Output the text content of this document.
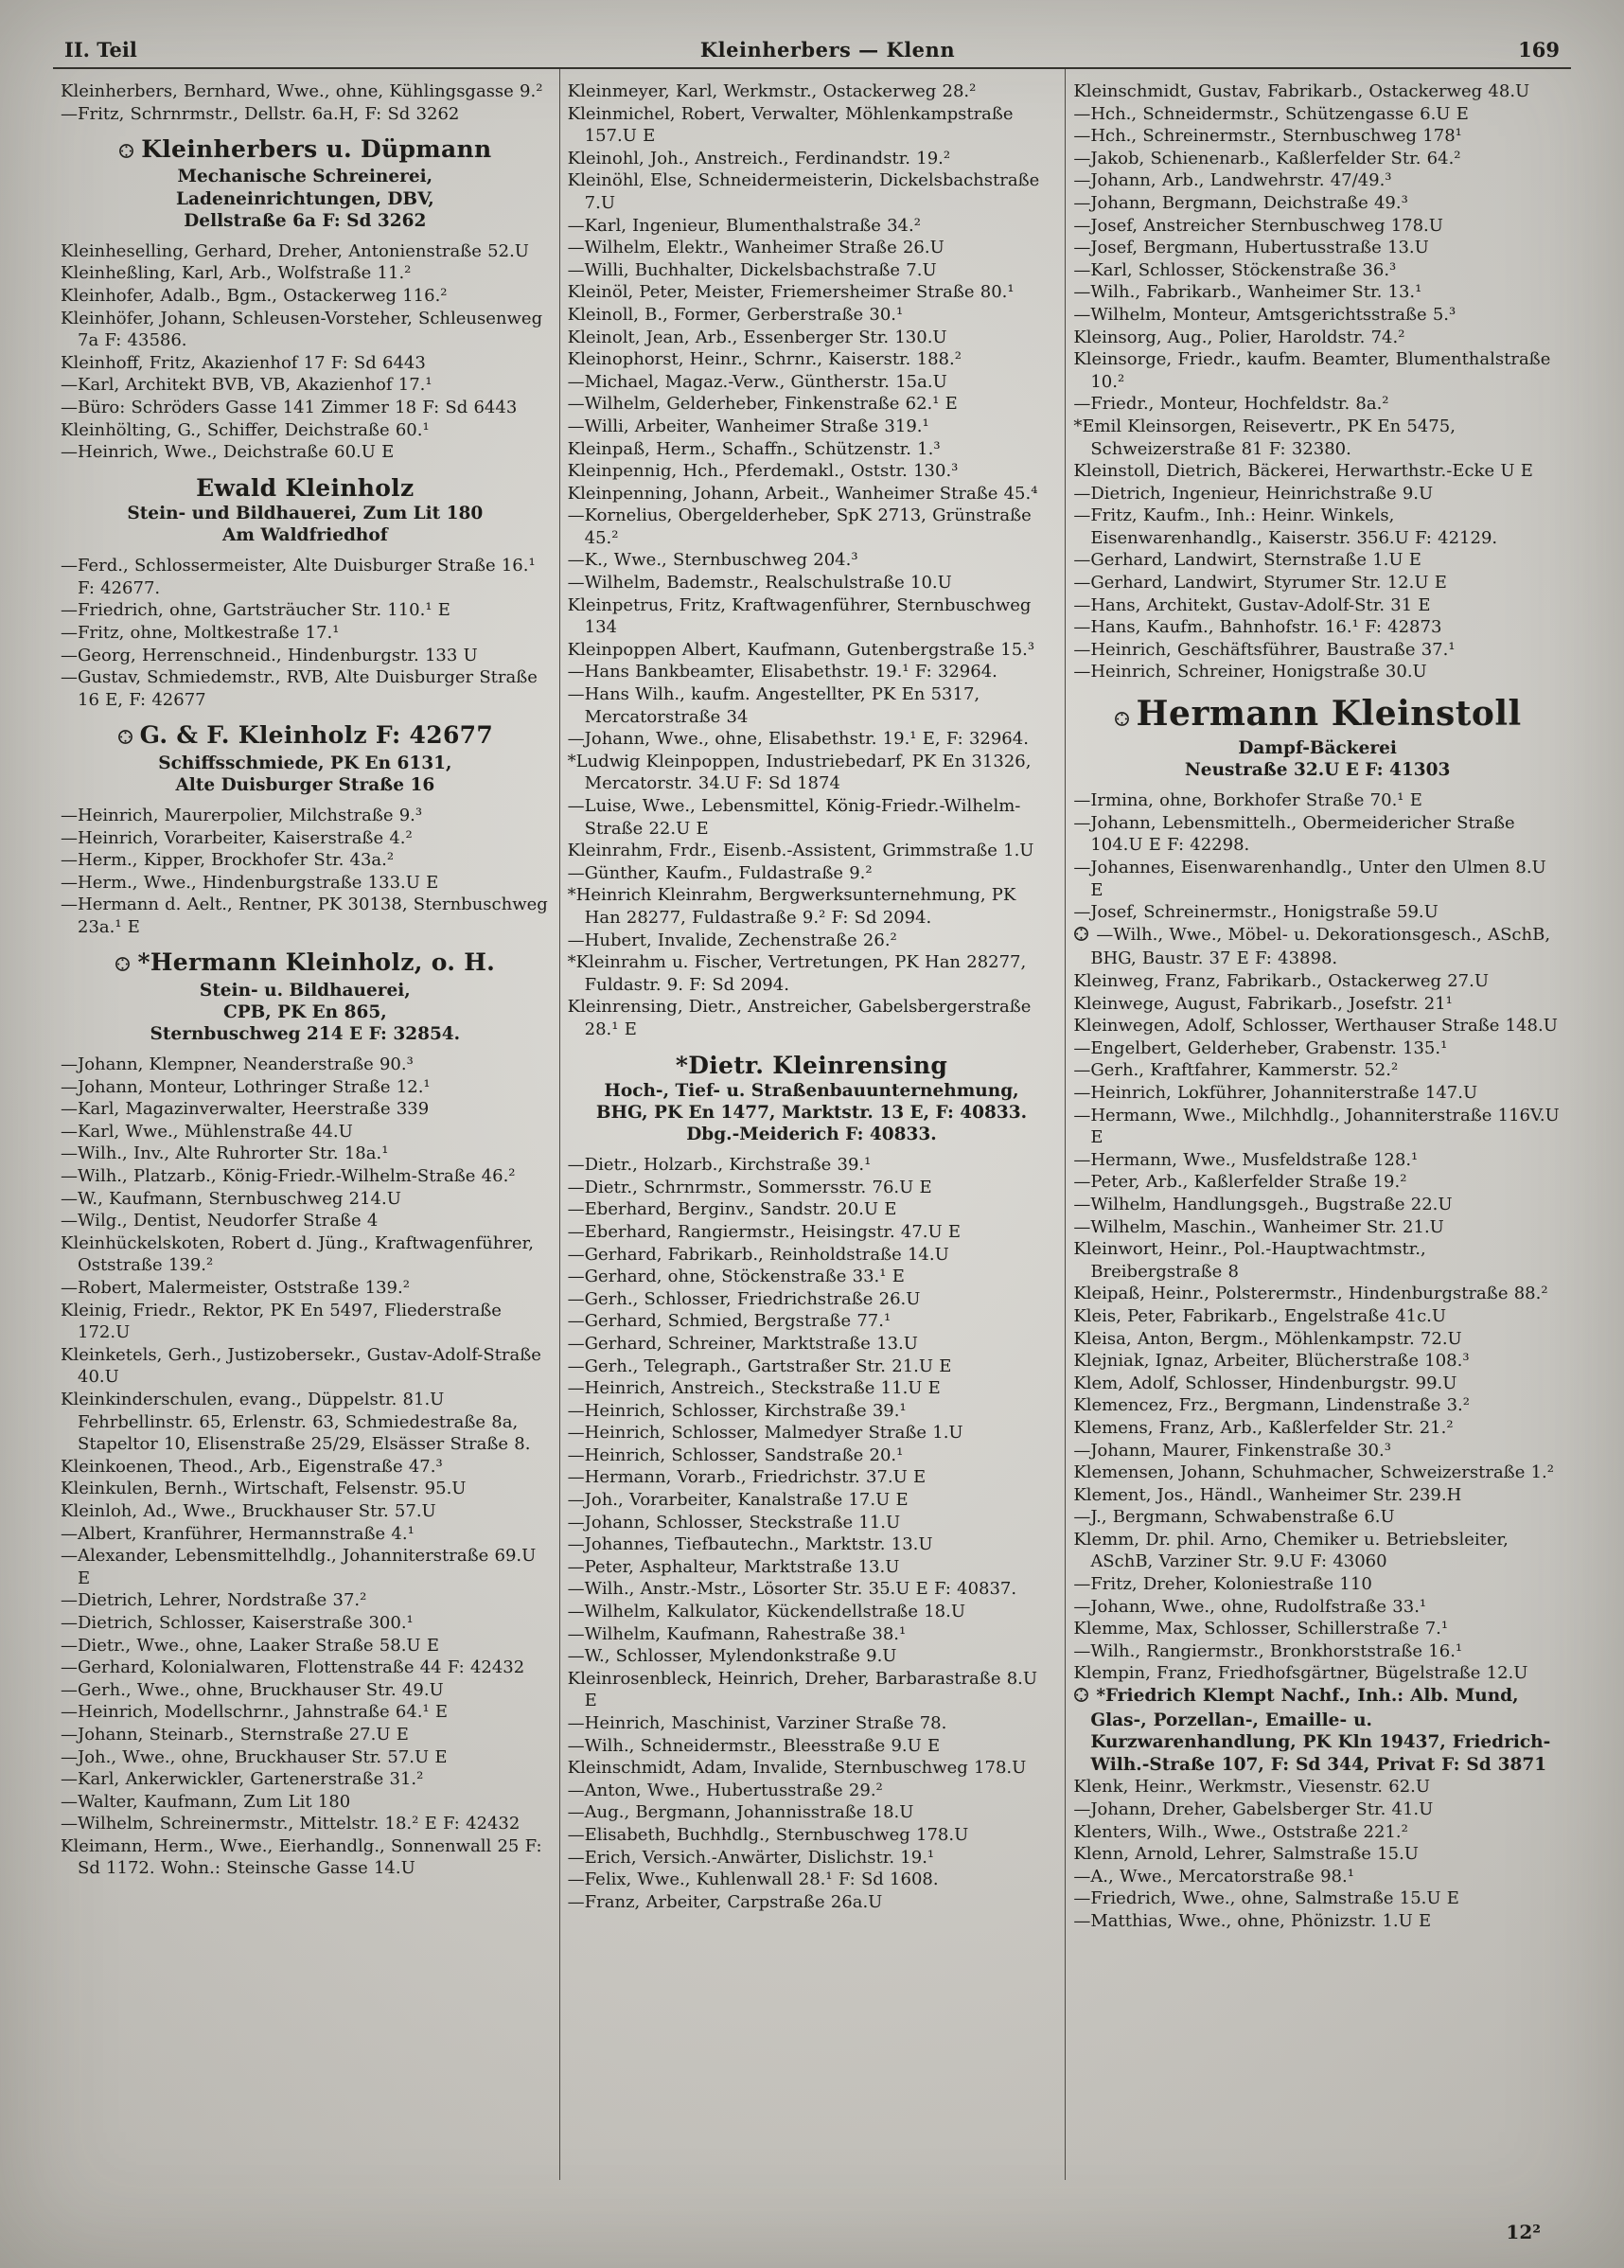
II. Teil	Kleinherbers — Klenn	169

Kleinherbers, Bernhard, Wwe., ohne, Kühlingsgasse 9.²

—Fritz, Schrnrmstr., Dellstr. 6a.H, F: Sd 3262

Kleinherbers u. Düpmann
Mechanische Schreinerei,
Ladeneinrichtungen, DBV,
Dellstraße 6a F: Sd 3262

Kleinheselling, Gerhard, Dreher, Antonienstraße 52.U

Kleinheßling, Karl, Arb., Wolfstraße 11.²

Kleinhofer, Adalb., Bgm., Ostackerweg 116.²

Kleinhöfer, Johann, Schleusen-Vorsteher, Schleusenweg 7a F: 43586.

Kleinhoff, Fritz, Akazienhof 17 F: Sd 6443

—Karl, Architekt BVB, VB, Akazienhof 17.¹

—Büro: Schröders Gasse 141 Zimmer 18 F: Sd 6443

Kleinhölting, G., Schiffer, Deichstraße 60.¹

—Heinrich, Wwe., Deichstraße 60.U E

Ewald Kleinholz
Stein- und Bildhauerei, Zum Lit 180
Am Waldfriedhof

—Ferd., Schlossermeister, Alte Duisburger Straße 16.¹ F: 42677.

—Friedrich, ohne, Gartsträucher Str. 110.¹ E

—Fritz, ohne, Moltkestraße 17.¹

—Georg, Herrenschneid., Hindenburgstr. 133 U

—Gustav, Schmiedemstr., RVB, Alte Duisburger Straße 16 E, F: 42677

G. & F. Kleinholz F: 42677
Schiffsschmiede, PK En 6131,
Alte Duisburger Straße 16

—Heinrich, Maurerpolier, Milchstraße 9.³

—Heinrich, Vorarbeiter, Kaiserstraße 4.²

—Herm., Kipper, Brockhofer Str. 43a.²

—Herm., Wwe., Hindenburgstraße 133.U E

—Hermann d. Aelt., Rentner, PK 30138, Sternbuschweg 23a.¹ E

*Hermann Kleinholz, o. H.
Stein- u. Bildhauerei,
CPB, PK En 865,
Sternbuschweg 214 E F: 32854.

—Johann, Klempner, Neanderstraße 90.³

—Johann, Monteur, Lothringer Straße 12.¹

—Karl, Magazinverwalter, Heerstraße 339

—Karl, Wwe., Mühlenstraße 44.U

—Wilh., Inv., Alte Ruhrorter Str. 18a.¹

—Wilh., Platzarb., König-Friedr.-Wilhelm-Straße 46.²

—W., Kaufmann, Sternbuschweg 214.U

—Wilg., Dentist, Neudorfer Straße 4

Kleinhückelskoten, Robert d. Jüng., Kraftwagenführer, Oststraße 139.²

—Robert, Malermeister, Oststraße 139.²

Kleinig, Friedr., Rektor, PK En 5497, Fliederstraße 172.U

Kleinketels, Gerh., Justizobersekr., Gustav-Adolf-Straße 40.U

Kleinkinderschulen, evang., Düppelstr. 81.U Fehrbellinstr. 65, Erlenstr. 63, Schmiedestraße 8a, Stapeltor 10, Elisenstraße 25/29, Elsässer Straße 8.

Kleinkoenen, Theod., Arb., Eigenstraße 47.³

Kleinkulen, Bernh., Wirtschaft, Felsenstr. 95.U

Kleinloh, Ad., Wwe., Bruckhauser Str. 57.U

—Albert, Kranführer, Hermannstraße 4.¹

—Alexander, Lebensmittelhdlg., Johanniterstraße 69.U E

—Dietrich, Lehrer, Nordstraße 37.²

—Dietrich, Schlosser, Kaiserstraße 300.¹

—Dietr., Wwe., ohne, Laaker Straße 58.U E

—Gerhard, Kolonialwaren, Flottenstraße 44 F: 42432

—Gerh., Wwe., ohne, Bruckhauser Str. 49.U

—Heinrich, Modellschrnr., Jahnstraße 64.¹ E

—Johann, Steinarb., Sternstraße 27.U E

—Joh., Wwe., ohne, Bruckhauser Str. 57.U E

—Karl, Ankerwickler, Gartenerstraße 31.²

—Walter, Kaufmann, Zum Lit 180

—Wilhelm, Schreinermstr., Mittelstr. 18.² E F: 42432

Kleimann, Herm., Wwe., Eierhandlg., Sonnenwall 25 F: Sd 1172. Wohn.: Steinsche Gasse 14.U

Kleinmeyer, Karl, Werkmstr., Ostackerweg 28.²

Kleinmichel, Robert, Verwalter, Möhlenkampstraße 157.U E

Kleinohl, Joh., Anstreich., Ferdinandstr. 19.²

Kleinöhl, Else, Schneidermeisterin, Dickelsbachstraße 7.U

—Karl, Ingenieur, Blumenthalstraße 34.²

—Wilhelm, Elektr., Wanheimer Straße 26.U

—Willi, Buchhalter, Dickelsbachstraße 7.U

Kleinöl, Peter, Meister, Friemersheimer Straße 80.¹

Kleinoll, B., Former, Gerberstraße 30.¹

Kleinolt, Jean, Arb., Essenberger Str. 130.U

Kleinophorst, Heinr., Schrnr., Kaiserstr. 188.²

—Michael, Magaz.-Verw., Güntherstr. 15a.U

—Wilhelm, Gelderheber, Finkenstraße 62.¹ E

—Willi, Arbeiter, Wanheimer Straße 319.¹

Kleinpaß, Herm., Schaffn., Schützenstr. 1.³

Kleinpennig, Hch., Pferdemakl., Oststr. 130.³

Kleinpenning, Johann, Arbeit., Wanheimer Straße 45.⁴

—Kornelius, Obergelderheber, SpK 2713, Grünstraße 45.²

—K., Wwe., Sternbuschweg 204.³

—Wilhelm, Bademstr., Realschulstraße 10.U

Kleinpetrus, Fritz, Kraftwagenführer, Sternbuschweg 134

Kleinpoppen Albert, Kaufmann, Gutenbergstraße 15.³

—Hans Bankbeamter, Elisabethstr. 19.¹ F: 32964.

—Hans Wilh., kaufm. Angestellter, PK En 5317, Mercatorstraße 34

—Johann, Wwe., ohne, Elisabethstr. 19.¹ E, F: 32964.

*Ludwig Kleinpoppen, Industriebedarf, PK En 31326, Mercatorstr. 34.U F: Sd 1874

—Luise, Wwe., Lebensmittel, König-Friedr.-Wilhelm-Straße 22.U E

Kleinrahm, Frdr., Eisenb.-Assistent, Grimmstraße 1.U

—Günther, Kaufm., Fuldastraße 9.²

*Heinrich Kleinrahm, Bergwerksunternehmung, PK Han 28277, Fuldastraße 9.² F: Sd 2094.

—Hubert, Invalide, Zechenstraße 26.²

*Kleinrahm u. Fischer, Vertretungen, PK Han 28277, Fuldastr. 9. F: Sd 2094.

Kleinrensing, Dietr., Anstreicher, Gabelsbergerstraße 28.¹ E

*Dietr. Kleinrensing
Hoch-, Tief- u. Straßenbauunternehmung,
BHG, PK En 1477, Marktstr. 13 E, F: 40833.
Dbg.-Meiderich F: 40833.

—Dietr., Holzarb., Kirchstraße 39.¹

—Dietr., Schrnrmstr., Sommersstr. 76.U E

—Eberhard, Berginv., Sandstr. 20.U E

—Eberhard, Rangiermstr., Heisingstr. 47.U E

—Gerhard, Fabrikarb., Reinholdstraße 14.U

—Gerhard, ohne, Stöckenstraße 33.¹ E

—Gerh., Schlosser, Friedrichstraße 26.U

—Gerhard, Schmied, Bergstraße 77.¹

—Gerhard, Schreiner, Marktstraße 13.U

—Gerh., Telegraph., Gartstraßer Str. 21.U E

—Heinrich, Anstreich., Steckstraße 11.U E

—Heinrich, Schlosser, Kirchstraße 39.¹

—Heinrich, Schlosser, Malmedyer Straße 1.U

—Heinrich, Schlosser, Sandstraße 20.¹

—Hermann, Vorarb., Friedrichstr. 37.U E

—Joh., Vorarbeiter, Kanalstraße 17.U E

—Johann, Schlosser, Steckstraße 11.U

—Johannes, Tiefbautechn., Marktstr. 13.U

—Peter, Asphalteur, Marktstraße 13.U

—Wilh., Anstr.-Mstr., Lösorter Str. 35.U E F: 40837.

—Wilhelm, Kalkulator, Kückendellstraße 18.U

—Wilhelm, Kaufmann, Rahestraße 38.¹

—W., Schlosser, Mylendonkstraße 9.U

Kleinrosenbleck, Heinrich, Dreher, Barbarastraße 8.U E

—Heinrich, Maschinist, Varziner Straße 78.

—Wilh., Schneidermstr., Bleesstraße 9.U E

Kleinschmidt, Adam, Invalide, Sternbuschweg 178.U

—Anton, Wwe., Hubertusstraße 29.²

—Aug., Bergmann, Johannisstraße 18.U

—Elisabeth, Buchhdlg., Sternbuschweg 178.U

—Erich, Versich.-Anwärter, Dislichstr. 19.¹

—Felix, Wwe., Kuhlenwall 28.¹ F: Sd 1608.

—Franz, Arbeiter, Carpstraße 26a.U

Kleinschmidt, Gustav, Fabrikarb., Ostackerweg 48.U

—Hch., Schneidermstr., Schützengasse 6.U E

—Hch., Schreinermstr., Sternbuschweg 178¹

—Jakob, Schienenarb., Kaßlerfelder Str. 64.²

—Johann, Arb., Landwehrstr. 47/49.³

—Johann, Bergmann, Deichstraße 49.³

—Josef, Anstreicher Sternbuschweg 178.U

—Josef, Bergmann, Hubertusstraße 13.U

—Karl, Schlosser, Stöckenstraße 36.³

—Wilh., Fabrikarb., Wanheimer Str. 13.¹

—Wilhelm, Monteur, Amtsgerichtsstraße 5.³

Kleinsorg, Aug., Polier, Haroldstr. 74.²

Kleinsorge, Friedr., kaufm. Beamter, Blumenthalstraße 10.²

—Friedr., Monteur, Hochfeldstr. 8a.²

*Emil Kleinsorgen, Reisevertr., PK En 5475, Schweizerstraße 81 F: 32380.

Kleinstoll, Dietrich, Bäckerei, Herwarthstr.-Ecke U E

—Dietrich, Ingenieur, Heinrichstraße 9.U

—Fritz, Kaufm., Inh.: Heinr. Winkels, Eisenwarenhandlg., Kaiserstr. 356.U F: 42129.

—Gerhard, Landwirt, Sternstraße 1.U E

—Gerhard, Landwirt, Styrumer Str. 12.U E

—Hans, Architekt, Gustav-Adolf-Str. 31 E

—Hans, Kaufm., Bahnhofstr. 16.¹ F: 42873

—Heinrich, Geschäftsführer, Baustraße 37.¹

—Heinrich, Schreiner, Honigstraße 30.U

Hermann Kleinstoll
Dampf-Bäckerei
Neustraße 32.U E F: 41303

—Irmina, ohne, Borkhofer Straße 70.¹ E

—Johann, Lebensmittelh., Obermeidericher Straße 104.U E F: 42298.

—Johannes, Eisenwarenhandlg., Unter den Ulmen 8.U E

—Josef, Schreinermstr., Honigstraße 59.U

—Wilh., Wwe., Möbel- u. Dekorationsgesch., ASchB, BHG, Baustr. 37 E F: 43898.

Kleinweg, Franz, Fabrikarb., Ostackerweg 27.U

Kleinwege, August, Fabrikarb., Josefstr. 21¹

Kleinwegen, Adolf, Schlosser, Werthauser Straße 148.U

—Engelbert, Gelderheber, Grabenstr. 135.¹

—Gerh., Kraftfahrer, Kammerstr. 52.²

—Heinrich, Lokführer, Johanniterstraße 147.U

—Hermann, Wwe., Milchhdlg., Johanniterstraße 116V.U E

—Hermann, Wwe., Musfeldstraße 128.¹

—Peter, Arb., Kaßlerfelder Straße 19.²

—Wilhelm, Handlungsgeh., Bugstraße 22.U

—Wilhelm, Maschin., Wanheimer Str. 21.U

Kleinwort, Heinr., Pol.-Hauptwachtmstr., Breibergstraße 8

Kleipaß, Heinr., Polsterermstr., Hindenburgstraße 88.²

Kleis, Peter, Fabrikarb., Engelstraße 41c.U

Kleisa, Anton, Bergm., Möhlenkampstr. 72.U

Klejniak, Ignaz, Arbeiter, Blücherstraße 108.³

Klem, Adolf, Schlosser, Hindenburgstr. 99.U

Klemencez, Frz., Bergmann, Lindenstraße 3.²

Klemens, Franz, Arb., Kaßlerfelder Str. 21.²

—Johann, Maurer, Finkenstraße 30.³

Klemensen, Johann, Schuhmacher, Schweizerstraße 1.²

Klement, Jos., Händl., Wanheimer Str. 239.H

—J., Bergmann, Schwabenstraße 6.U

Klemm, Dr. phil. Arno, Chemiker u. Betriebsleiter, ASchB, Varziner Str. 9.U F: 43060

—Fritz, Dreher, Koloniestraße 110

—Johann, Wwe., ohne, Rudolfstraße 33.¹

Klemme, Max, Schlosser, Schillerstraße 7.¹

—Wilh., Rangiermstr., Bronkhorststraße 16.¹

Klempin, Franz, Friedhofsgärtner, Bügelstraße 12.U

*Friedrich Klempt Nachf., Inh.: Alb. Mund, Glas-, Porzellan-, Emaille- u. Kurzwarenhandlung, PK Kln 19437, Friedrich-Wilh.-Straße 107, F: Sd 344, Privat F: Sd 3871

Klenk, Heinr., Werkmstr., Viesenstr. 62.U

—Johann, Dreher, Gabelsberger Str. 41.U

Klenters, Wilh., Wwe., Oststraße 221.²

Klenn, Arnold, Lehrer, Salmstraße 15.U

—A., Wwe., Mercatorstraße 98.¹

—Friedrich, Wwe., ohne, Salmstraße 15.U E

—Matthias, Wwe., ohne, Phönizstr. 1.U E

12²
